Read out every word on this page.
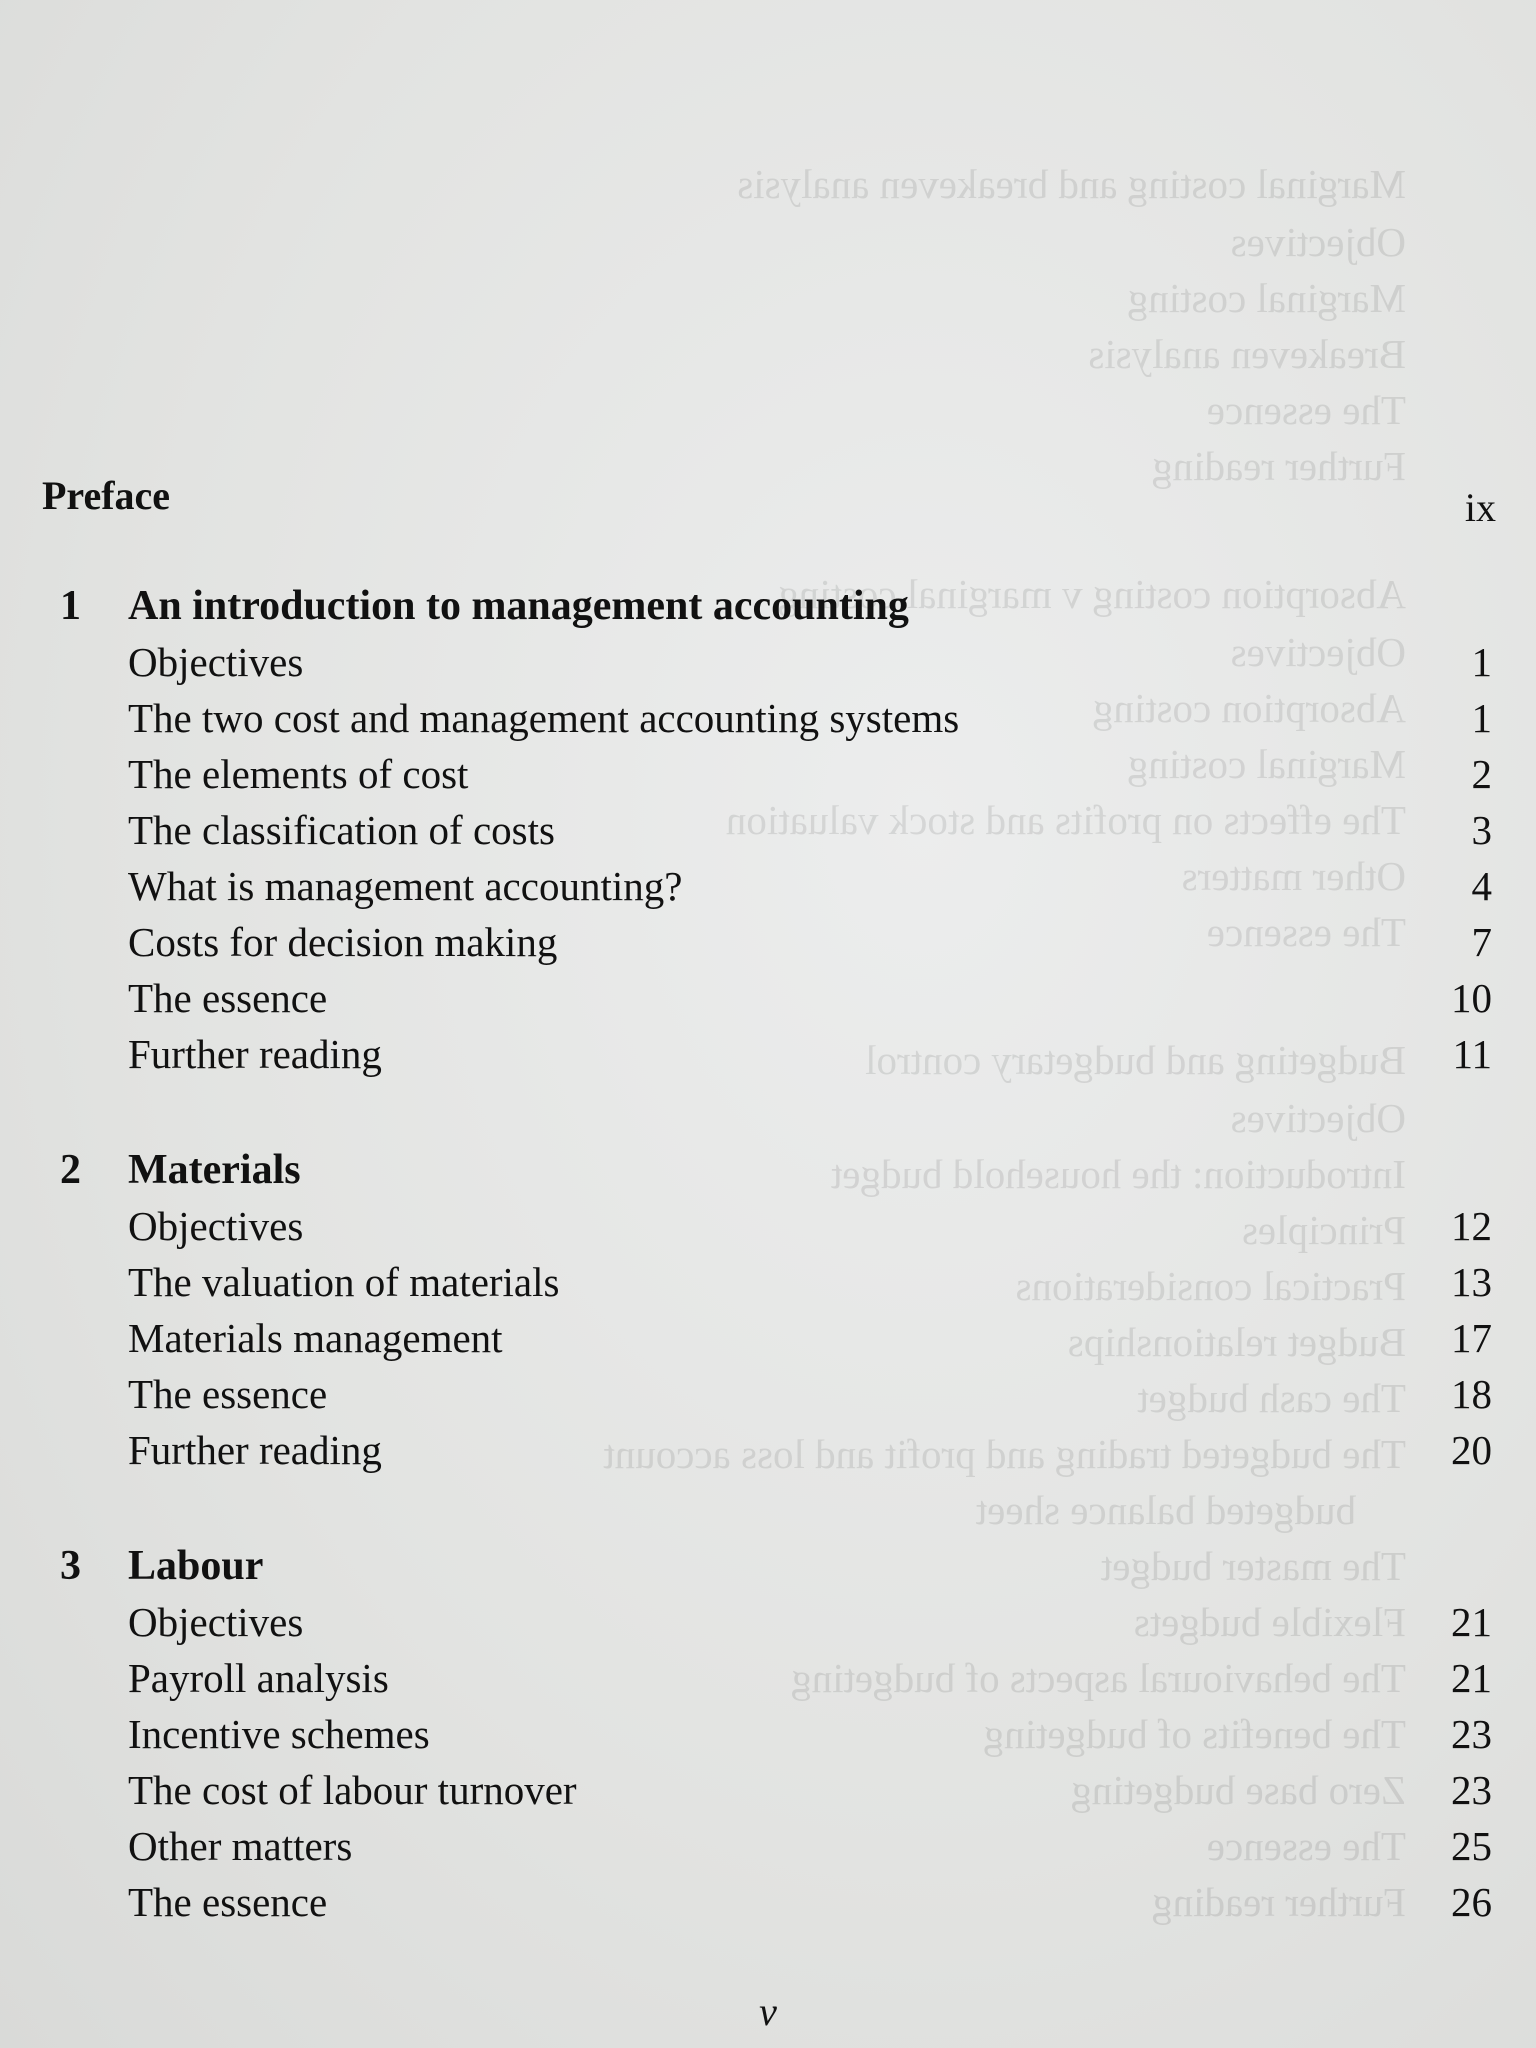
Marginal costing and breakeven analysis
Objectives
Marginal costing
Breakeven analysis
The essence
Further reading
Absorption costing v marginal costing
Objectives
Absorption costing
Marginal costing
The effects on profits and stock valuation
Other matters
The essence
Budgeting and budgetary control
Objectives
Introduction: the household budget
Principles
Practical considerations
Budget relationships
The cash budget
The budgeted trading and profit and loss account
budgeted balance sheet
The master budget
Flexible budgets
The behavioural aspects of budgeting
The benefits of budgeting
Zero base budgeting
The essence
Further reading
Preface	ix
1 An introduction to management accounting
Objectives	1
The two cost and management accounting systems	1
The elements of cost	2
The classification of costs	3
What is management accounting?	4
Costs for decision making	7
The essence	10
Further reading	11
2 Materials
Objectives	12
The valuation of materials	13
Materials management	17
The essence	18
Further reading	20
3 Labour
Objectives	21
Payroll analysis	21
Incentive schemes	23
The cost of labour turnover	23
Other matters	25
The essence	26
v
